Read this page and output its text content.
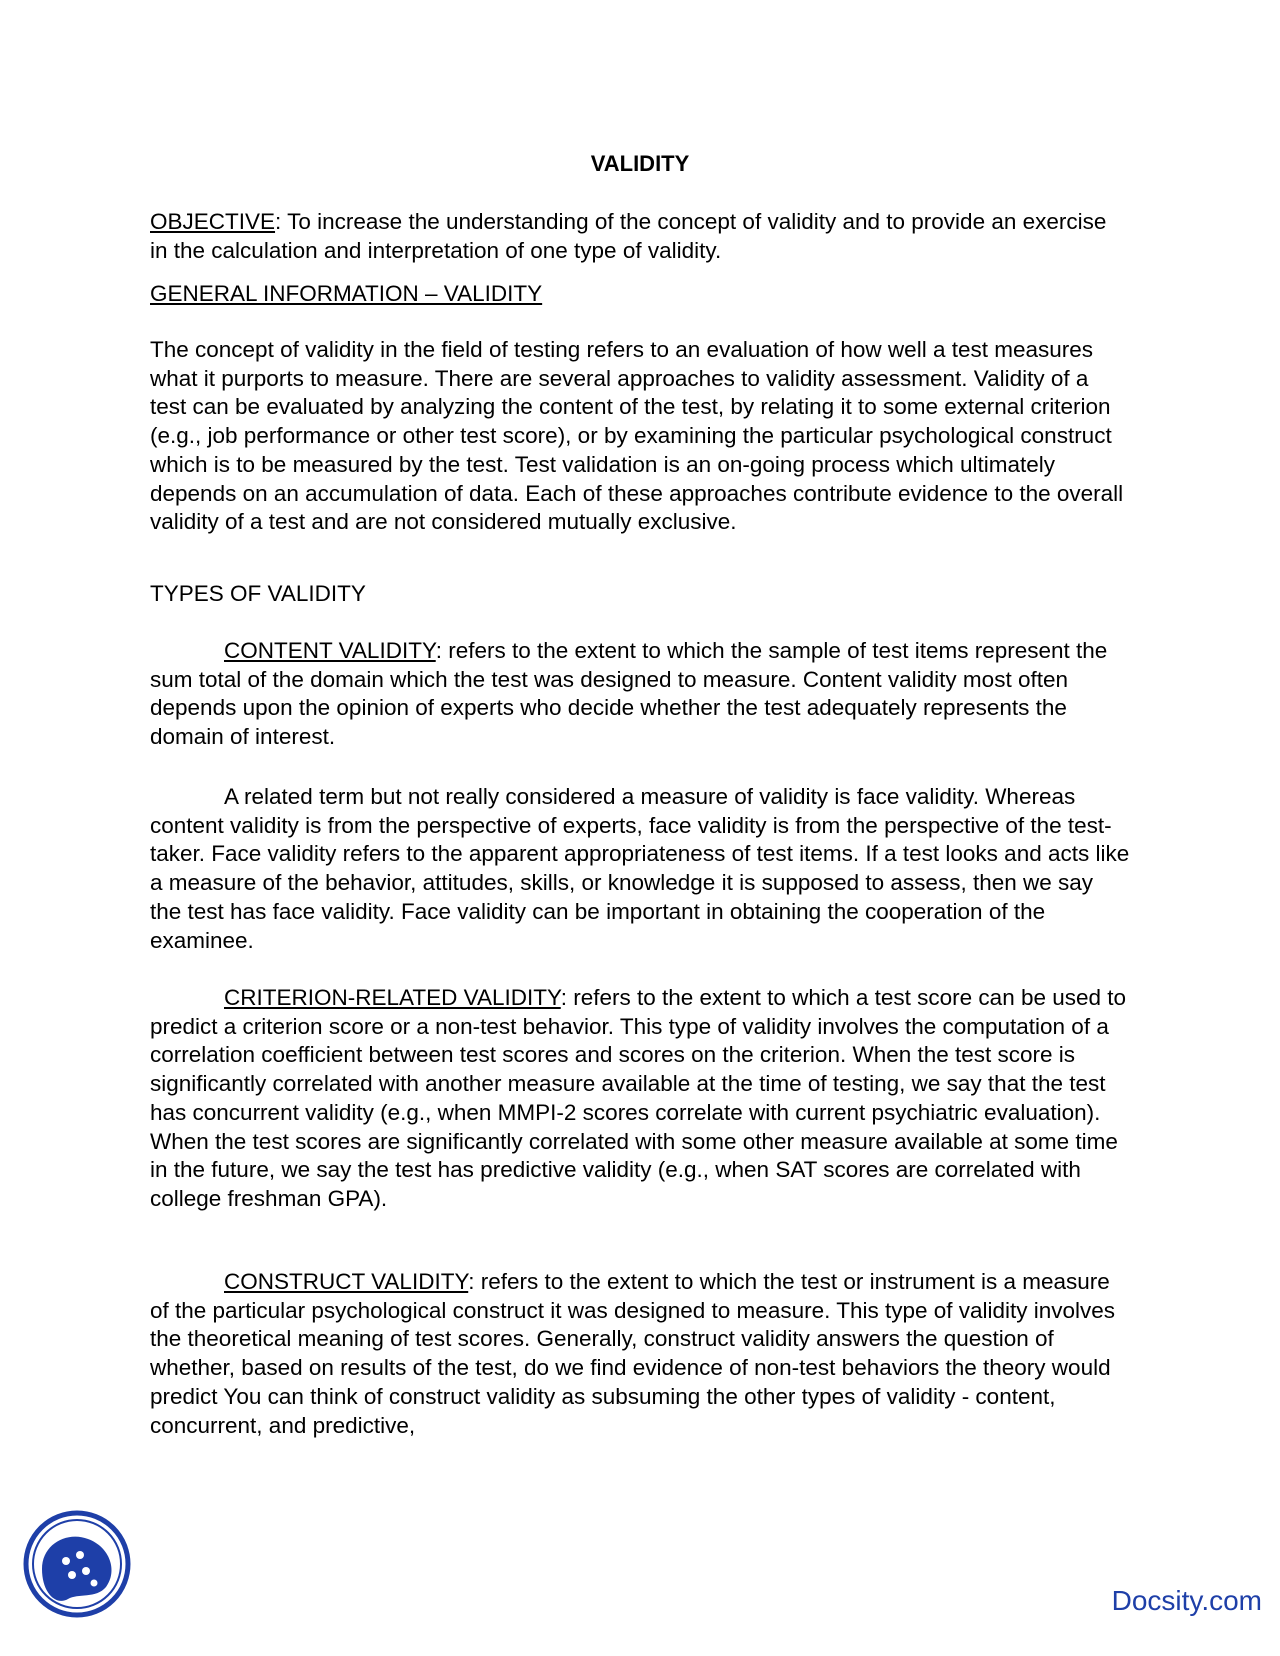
VALIDITY

OBJECTIVE: To increase the understanding of the concept of validity and to provide an exercise in the calculation and interpretation of one type of validity.

GENERAL INFORMATION – VALIDITY

The concept of validity in the field of testing refers to an evaluation of how well a test measures what it purports to measure. There are several approaches to validity assessment. Validity of a test can be evaluated by analyzing the content of the test, by relating it to some external criterion (e.g., job performance or other test score), or by examining the particular psychological construct which is to be measured by the test. Test validation is an on-going process which ultimately depends on an accumulation of data. Each of these approaches contribute evidence to the overall validity of a test and are not considered mutually exclusive.

TYPES OF VALIDITY

CONTENT VALIDITY: refers to the extent to which the sample of test items represent the sum total of the domain which the test was designed to measure. Content validity most often depends upon the opinion of experts who decide whether the test adequately represents the domain of interest.

A related term but not really considered a measure of validity is face validity. Whereas content validity is from the perspective of experts, face validity is from the perspective of the test-taker. Face validity refers to the apparent appropriateness of test items. If a test looks and acts like a measure of the behavior, attitudes, skills, or knowledge it is supposed to assess, then we say the test has face validity. Face validity can be important in obtaining the cooperation of the examinee.

CRITERION-RELATED VALIDITY: refers to the extent to which a test score can be used to predict a criterion score or a non-test behavior. This type of validity involves the computation of a correlation coefficient between test scores and scores on the criterion. When the test score is significantly correlated with another measure available at the time of testing, we say that the test has concurrent validity (e.g., when MMPI-2 scores correlate with current psychiatric evaluation). When the test scores are significantly correlated with some other measure available at some time in the future, we say the test has predictive validity (e.g., when SAT scores are correlated with college freshman GPA).

CONSTRUCT VALIDITY: refers to the extent to which the test or instrument is a measure of the particular psychological construct it was designed to measure. This type of validity involves the theoretical meaning of test scores. Generally, construct validity answers the question of whether, based on results of the test, do we find evidence of non-test behaviors the theory would predict You can think of construct validity as subsuming the other types of validity - content, concurrent, and predictive,

Docsity.com
